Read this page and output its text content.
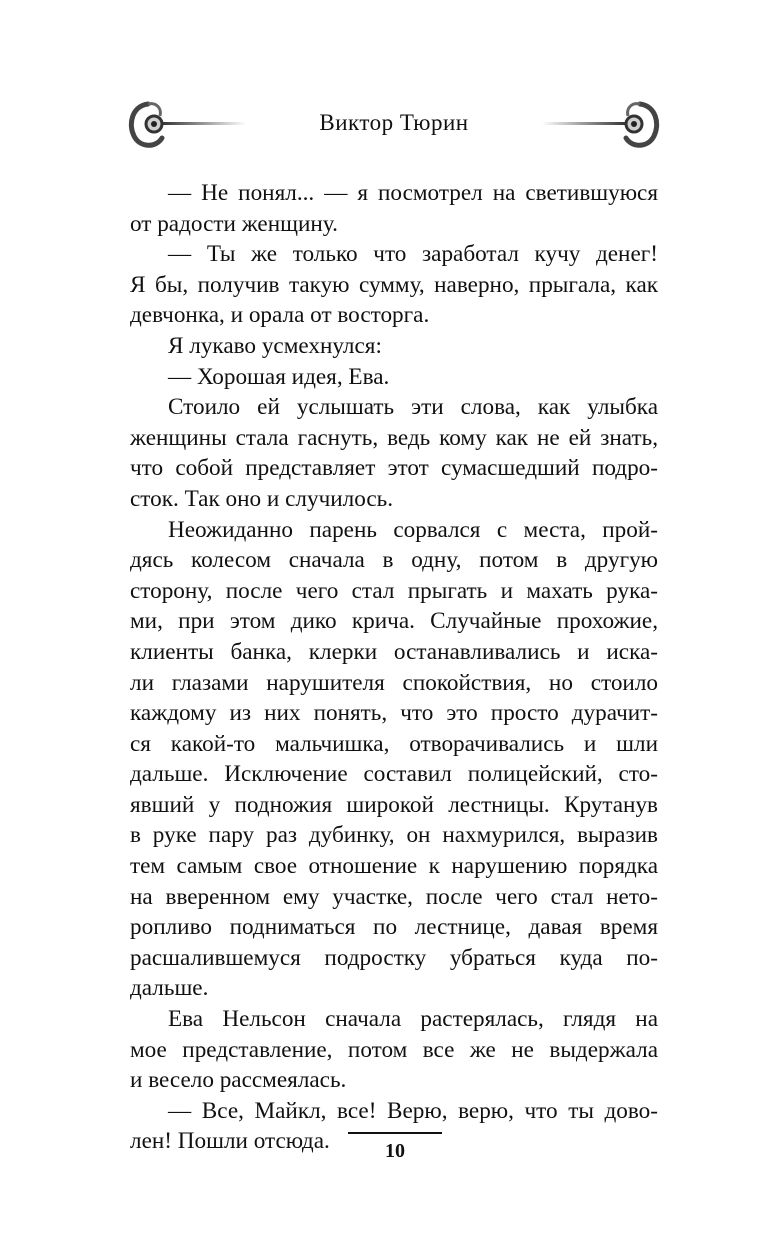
Виктор Тюрин
— Не понял... — я посмотрел на светившуюся
от радости женщину.
— Ты же только что заработал кучу денег!
Я бы, получив такую сумму, наверно, прыгала, как
девчонка, и орала от восторга.
Я лукаво усмехнулся:
— Хорошая идея, Ева.
Стоило ей услышать эти слова, как улыбка
женщины стала гаснуть, ведь кому как не ей знать,
что собой представляет этот сумасшедший подро-
сток. Так оно и случилось.
Неожиданно парень сорвался с места, прой-
дясь колесом сначала в одну, потом в другую
сторону, после чего стал прыгать и махать рука-
ми, при этом дико крича. Случайные прохожие,
клиенты банка, клерки останавливались и иска-
ли глазами нарушителя спокойствия, но стоило
каждому из них понять, что это просто дурачит-
ся какой-то мальчишка, отворачивались и шли
дальше. Исключение составил полицейский, сто-
явший у подножия широкой лестницы. Крутанув
в руке пару раз дубинку, он нахмурился, выразив
тем самым свое отношение к нарушению порядка
на вверенном ему участке, после чего стал нето-
ропливо подниматься по лестнице, давая время
расшалившемуся подростку убраться куда по-
дальше.
Ева Нельсон сначала растерялась, глядя на
мое представление, потом все же не выдержала
и весело рассмеялась.
— Все, Майкл, все! Верю, верю, что ты дово-
лен! Пошли отсюда.	10
